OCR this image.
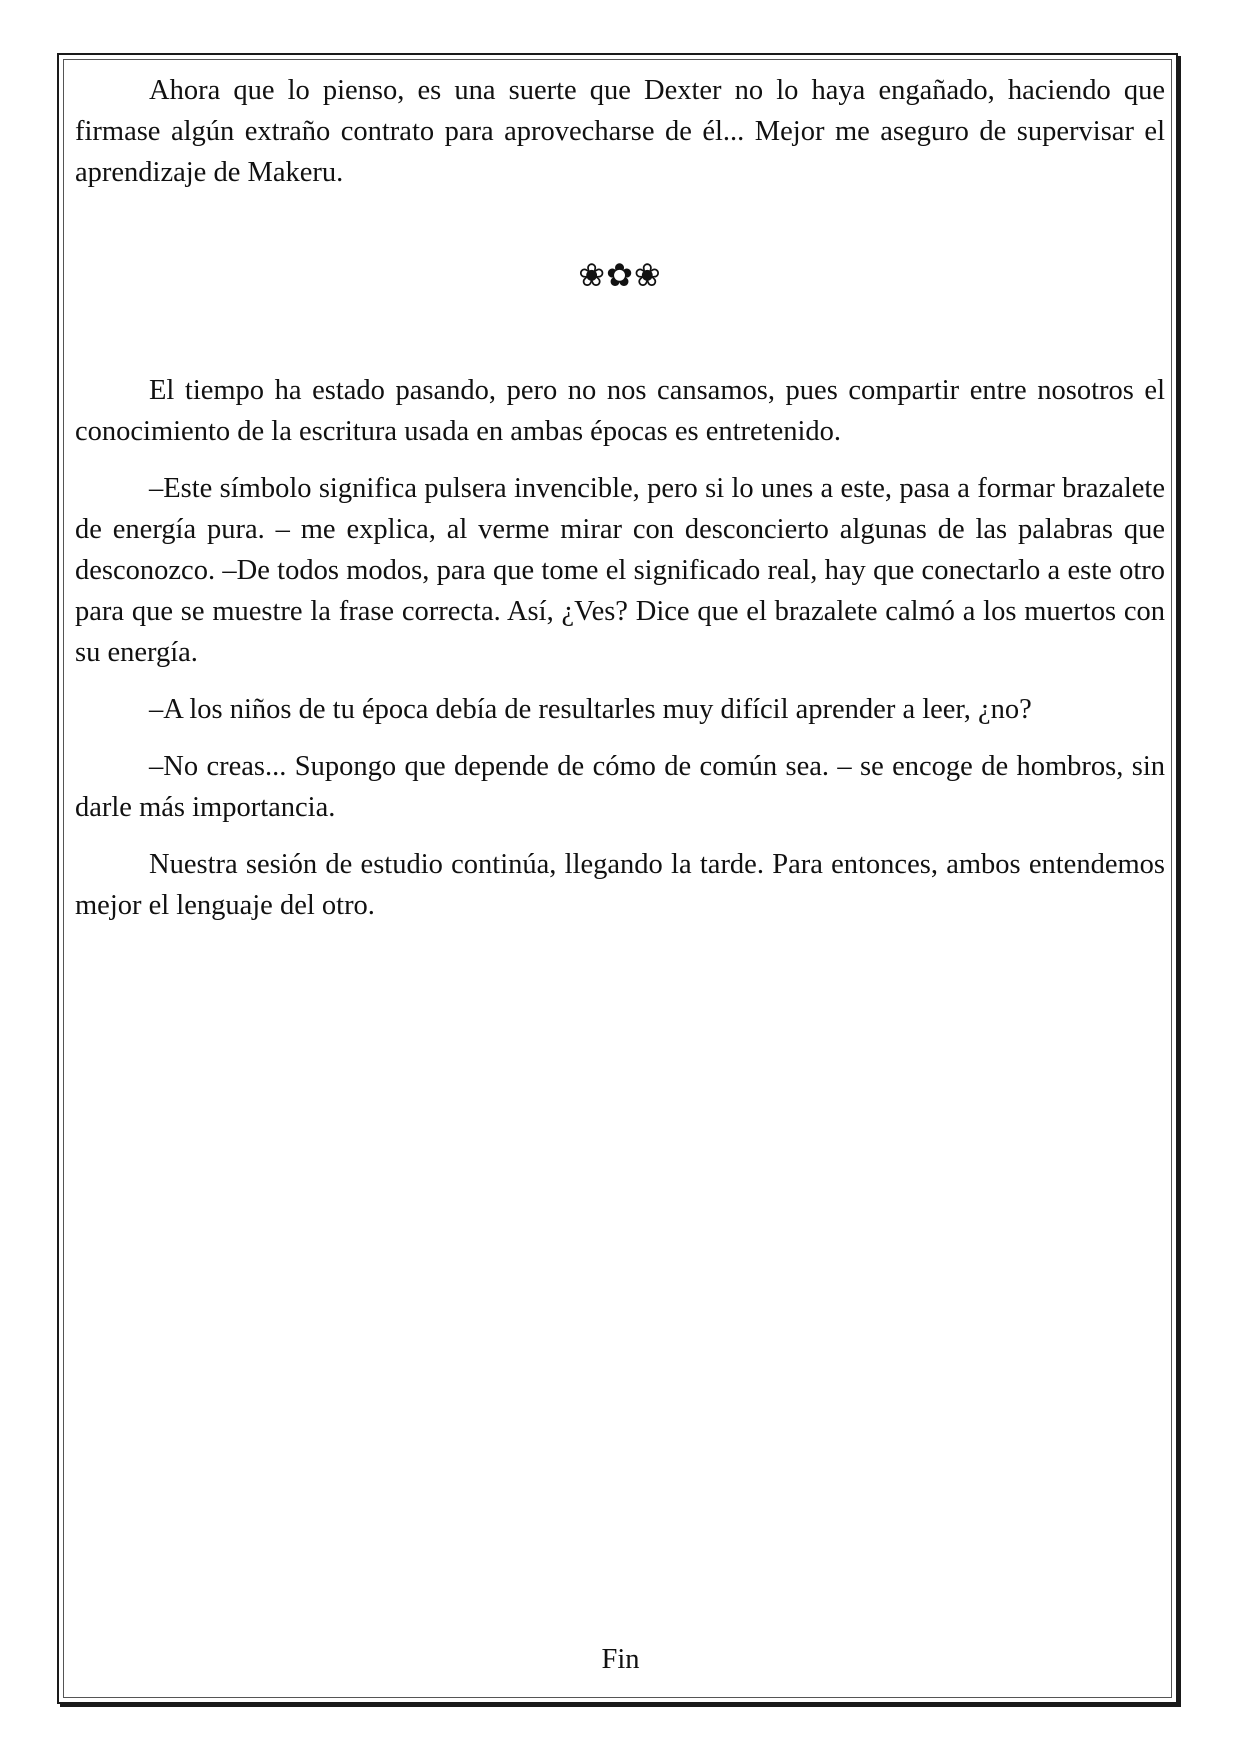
Ahora que lo pienso, es una suerte que Dexter no lo haya engañado, haciendo que firmase algún extraño contrato para aprovecharse de él... Mejor me aseguro de supervisar el aprendizaje de Makeru.

❀✿❀

El tiempo ha estado pasando, pero no nos cansamos, pues compartir entre nosotros el conocimiento de la escritura usada en ambas épocas es entretenido.

–Este símbolo significa pulsera invencible, pero si lo unes a este, pasa a formar brazalete de energía pura. – me explica, al verme mirar con desconcierto algunas de las palabras que desconozco. –De todos modos, para que tome el significado real, hay que conectarlo a este otro para que se muestre la frase correcta. Así, ¿Ves? Dice que el brazalete calmó a los muertos con su energía.

–A los niños de tu época debía de resultarles muy difícil aprender a leer, ¿no?

–No creas... Supongo que depende de cómo de común sea. – se encoge de hombros, sin darle más importancia.

Nuestra sesión de estudio continúa, llegando la tarde. Para entonces, ambos entendemos mejor el lenguaje del otro.

Fin
